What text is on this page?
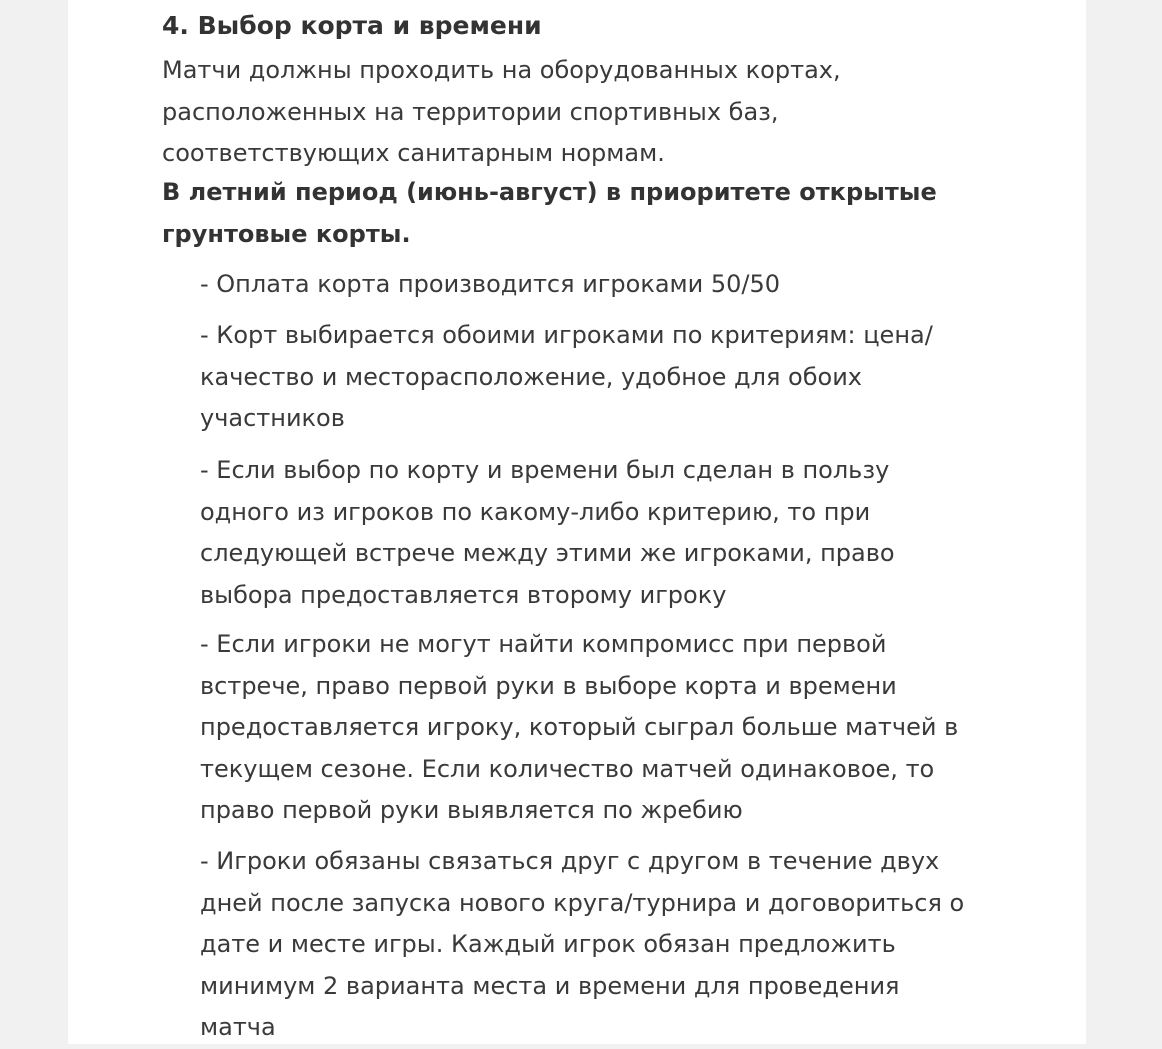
4. Выбор корта и времени

Матчи должны проходить на оборудованных кортах,
расположенных на территории спортивных баз,
соответствующих санитарным нормам.

В летний период (июнь-август) в приоритете открытые
грунтовые корты.

- Оплата корта производится игроками 50/50

- Корт выбирается обоими игроками по критериям: цена/
качество и месторасположение, удобное для обоих
участников

- Если выбор по корту и времени был сделан в пользу
одного из игроков по какому-либо критерию, то при
следующей встрече между этими же игроками, право
выбора предоставляется второму игроку

- Если игроки не могут найти компромисс при первой
встрече, право первой руки в выборе корта и времени
предоставляется игроку, который сыграл больше матчей в
текущем сезоне. Если количество матчей одинаковое, то
право первой руки выявляется по жребию

- Игроки обязаны связаться друг с другом в течение двух
дней после запуска нового круга/турнира и договориться о
дате и месте игры. Каждый игрок обязан предложить
минимум 2 варианта места и времени для проведения
матча
